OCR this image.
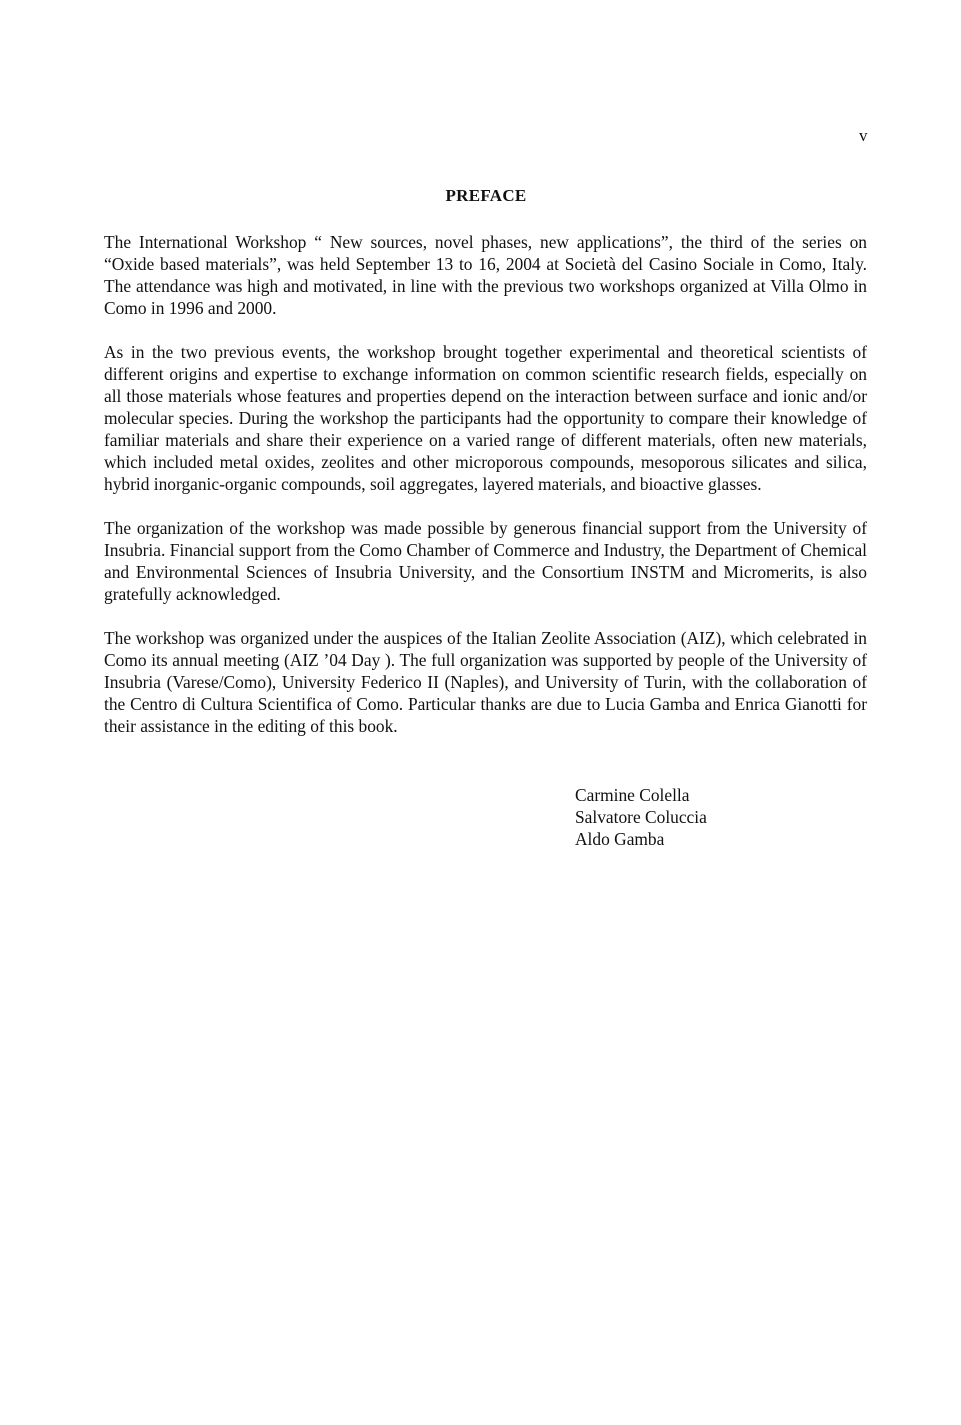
v
PREFACE

The International Workshop “ New sources, novel phases, new applications”, the third of the series on “Oxide based materials”, was held September 13 to 16, 2004 at Società del Casino Sociale in Como, Italy. The attendance was high and motivated, in line with the previous two workshops organized at Villa Olmo in Como in 1996 and 2000.

As in the two previous events, the workshop brought together experimental and theoretical scientists of different origins and expertise to exchange information on common scientific research fields, especially on all those materials whose features and properties depend on the interaction between surface and ionic and/or molecular species. During the workshop the participants had the opportunity to compare their knowledge of familiar materials and share their experience on a varied range of different materials, often new materials, which included metal oxides, zeolites and other microporous compounds, mesoporous silicates and silica, hybrid inorganic-organic compounds, soil aggregates, layered materials, and bioactive glasses.

The organization of the workshop was made possible by generous financial support from the University of Insubria. Financial support from the Como Chamber of Commerce and Industry, the Department of Chemical and Environmental Sciences of Insubria University, and the Consortium INSTM and Micromerits, is also gratefully acknowledged.

The workshop was organized under the auspices of the Italian Zeolite Association (AIZ), which celebrated in Como its annual meeting (AIZ ’04 Day ). The full organization was supported by people of the University of Insubria (Varese/Como), University Federico II (Naples), and University of Turin, with the collaboration of the Centro di Cultura Scientifica of Como. Particular thanks are due to Lucia Gamba and Enrica Gianotti for their assistance in the editing of this book.

Carmine Colella
Salvatore Coluccia
Aldo Gamba
